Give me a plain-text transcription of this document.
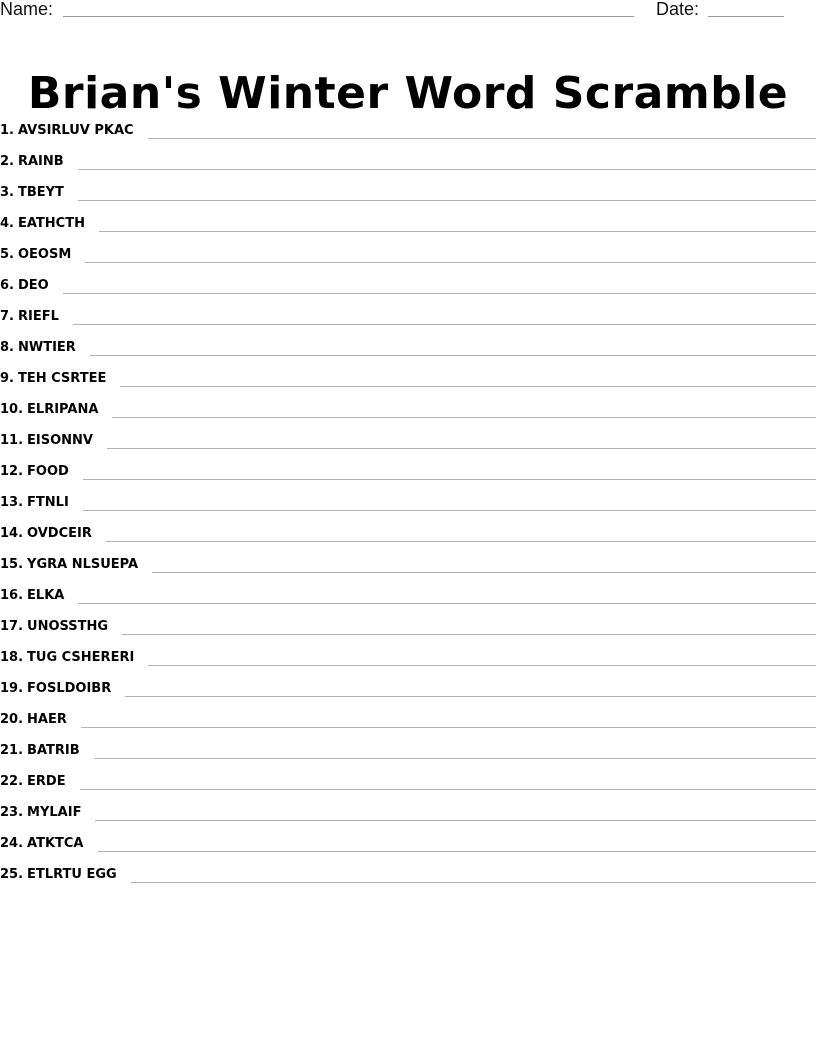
Name:	Date:
Brian's Winter Word Scramble
1. AVSIRLUV PKAC
2. RAINB
3. TBEYT
4. EATHCTH
5. OEOSM
6. DEO
7. RIEFL
8. NWTIER
9. TEH CSRTEE
10. ELRIPANA
11. EISONNV
12. FOOD
13. FTNLI
14. OVDCEIR
15. YGRA NLSUEPA
16. ELKA
17. UNOSSTHG
18. TUG CSHERERI
19. FOSLDOIBR
20. HAER
21. BATRIB
22. ERDE
23. MYLAIF
24. ATKTCA
25. ETLRTU EGG
